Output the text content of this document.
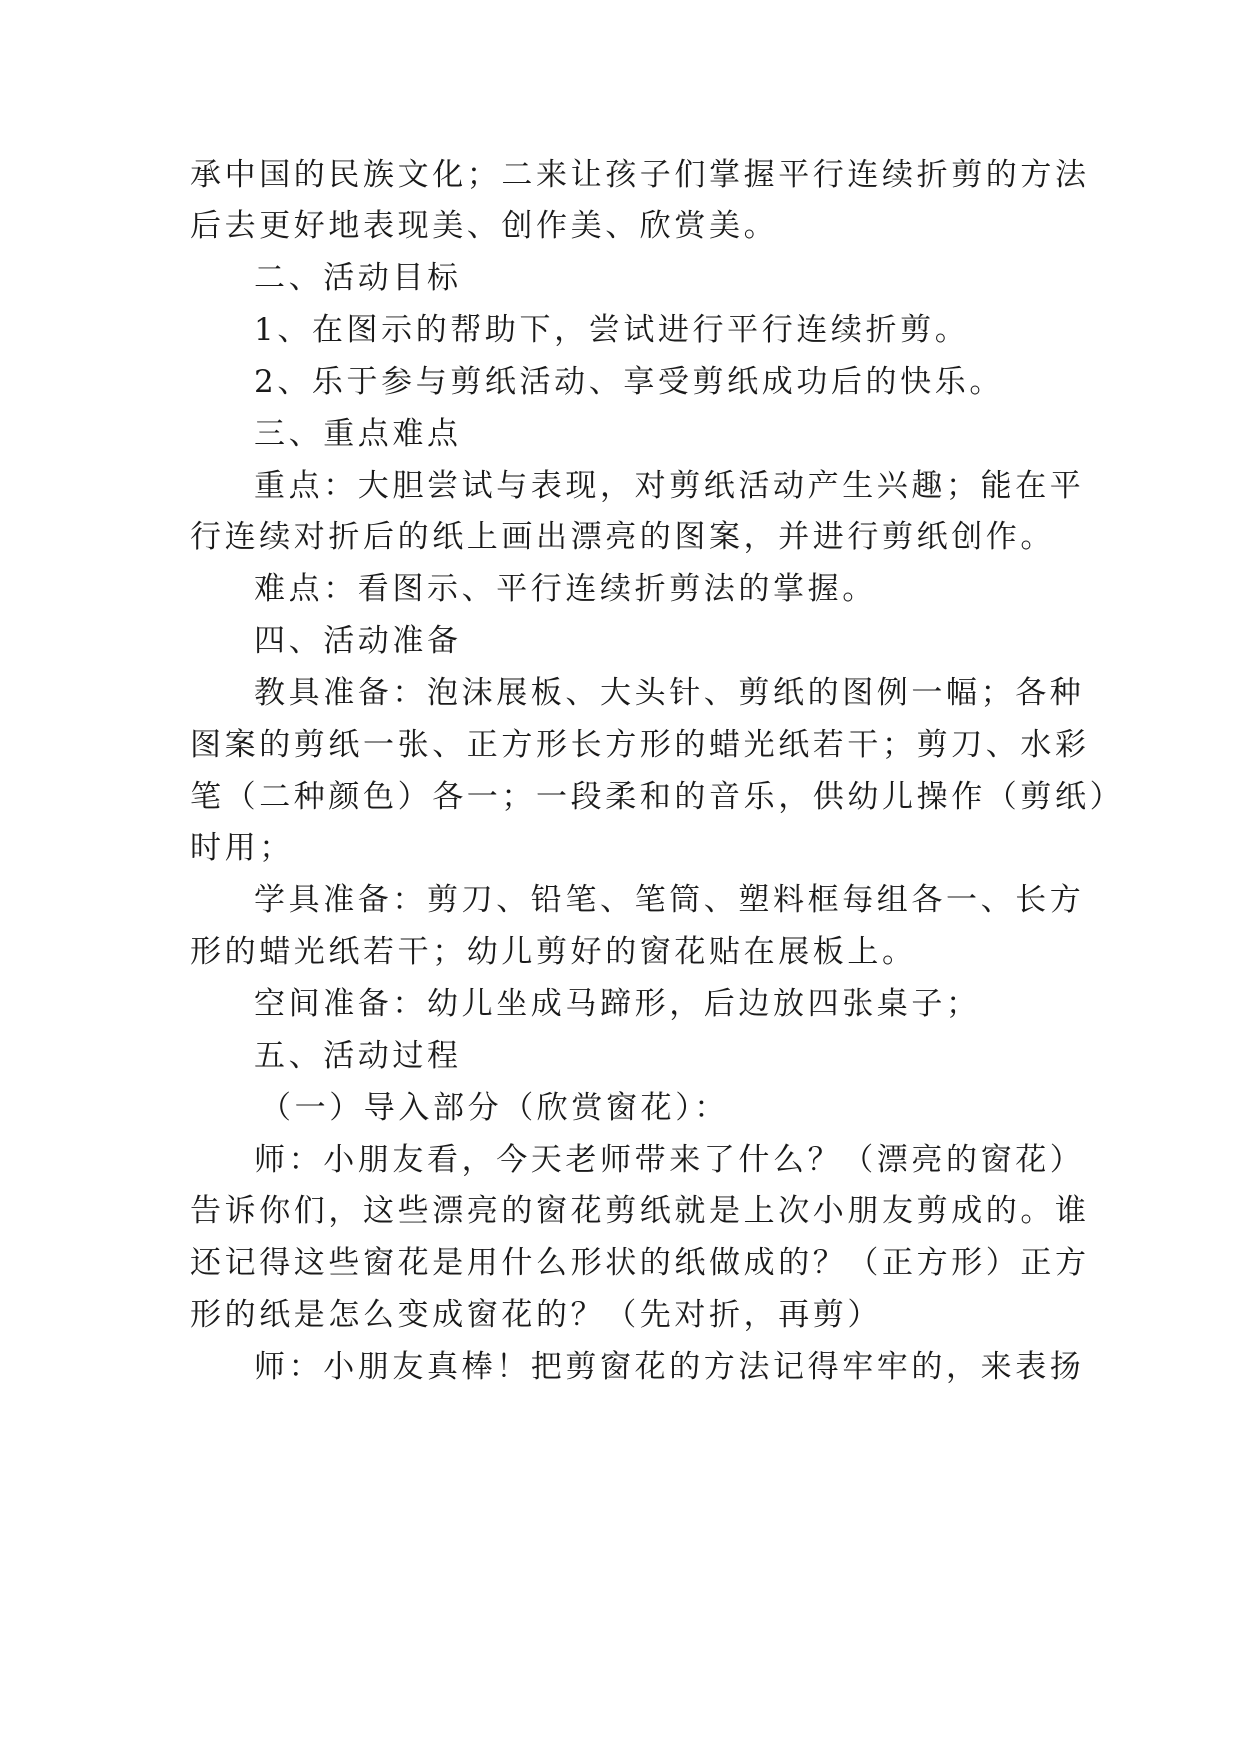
承中国的民族文化；二来让孩子们掌握平行连续折剪的方法
后去更好地表现美、创作美、欣赏美。
二、活动目标
1、在图示的帮助下，尝试进行平行连续折剪。
2、乐于参与剪纸活动、享受剪纸成功后的快乐。
三、重点难点
重点：大胆尝试与表现，对剪纸活动产生兴趣；能在平
行连续对折后的纸上画出漂亮的图案，并进行剪纸创作。
难点：看图示、平行连续折剪法的掌握。
四、活动准备
教具准备：泡沫展板、大头针、剪纸的图例一幅；各种
图案的剪纸一张、正方形长方形的蜡光纸若干；剪刀、水彩
笔（二种颜色）各一；一段柔和的音乐，供幼儿操作（剪纸）
时用；
学具准备：剪刀、铅笔、笔筒、塑料框每组各一、长方
形的蜡光纸若干；幼儿剪好的窗花贴在展板上。
空间准备：幼儿坐成马蹄形，后边放四张桌子；
五、活动过程
（一）导入部分（欣赏窗花）：
师：小朋友看，今天老师带来了什么？（漂亮的窗花）
告诉你们，这些漂亮的窗花剪纸就是上次小朋友剪成的。谁
还记得这些窗花是用什么形状的纸做成的？（正方形）正方
形的纸是怎么变成窗花的？（先对折，再剪）
师：小朋友真棒！把剪窗花的方法记得牢牢的，来表扬
